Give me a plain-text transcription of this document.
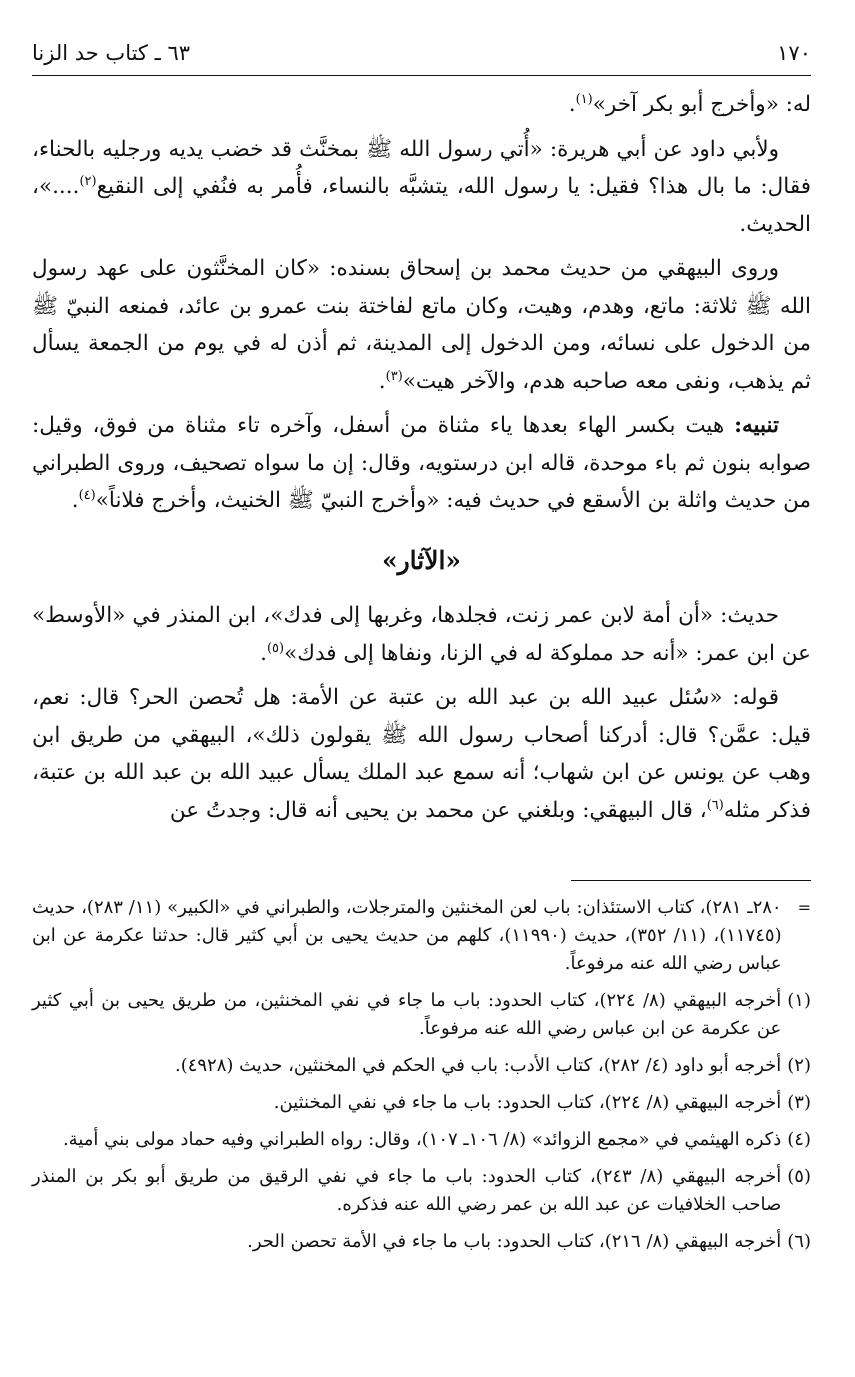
٦٣ ـ كتاب حد الزنا	١٧٠

له: «وأخرج أبو بكر آخر»$^{(١)}$.

ولأبي داود عن أبي هريرة: «أُتي رسول الله ﷺ بمخنَّث قد خضب يديه ورجليه بالحناء، فقال: ما بال هذا؟ فقيل: يا رسول الله، يتشبَّه بالنساء، فأُمر به فنُفي إلى النقيع$^{(٢)}$....»، الحديث.

وروى البيهقي من حديث محمد بن إسحاق بسنده: «كان المخنَّثون على عهد رسول الله ﷺ ثلاثة: ماتع، وهدم، وهيت، وكان ماتع لفاختة بنت عمرو بن عائد، فمنعه النبيّ ﷺ من الدخول على نسائه، ومن الدخول إلى المدينة، ثم أذن له في يوم من الجمعة يسأل ثم يذهب، ونفى معه صاحبه هدم، والآخر هيت»$^{(٣)}$.

تنبيه: هيت بكسر الهاء بعدها ياء مثناة من أسفل، وآخره تاء مثناة من فوق، وقيل: صوابه بنون ثم باء موحدة، قاله ابن درستويه، وقال: إن ما سواه تصحيف، وروى الطبراني من حديث واثلة بن الأسقع في حديث فيه: «وأخرج النبيّ ﷺ الخنيث، وأخرج فلاناً»$^{(٤)}$.

«الآثار»

حديث: «أن أمة لابن عمر زنت، فجلدها، وغربها إلى فدك»، ابن المنذر في «الأوسط» عن ابن عمر: «أنه حد مملوكة له في الزنا، ونفاها إلى فدك»$^{(٥)}$.

قوله: «سُئل عبيد الله بن عبد الله بن عتبة عن الأمة: هل تُحصن الحر؟ قال: نعم، قيل: عمَّن؟ قال: أدركنا أصحاب رسول الله ﷺ يقولون ذلك»، البيهقي من طريق ابن وهب عن يونس عن ابن شهاب؛ أنه سمع عبد الملك يسأل عبيد الله بن عبد الله بن عتبة، فذكر مثله$^{(٦)}$، قال البيهقي: وبلغني عن محمد بن يحيى أنه قال: وجدتُ عن

=
٢٨٠ـ ٢٨١)، كتاب الاستئذان: باب لعن المخنثين والمترجلات، والطبراني في «الكبير» (١١/ ٢٨٣)، حديث (١١٧٤٥)، (١١/ ٣٥٢)، حديث (١١٩٩٠)، كلهم من حديث يحيى بن أبي كثير قال: حدثنا عكرمة عن ابن عباس رضي الله عنه مرفوعاً.

(١)
أخرجه البيهقي (٨/ ٢٢٤)، كتاب الحدود: باب ما جاء في نفي المخنثين، من طريق يحيى بن أبي كثير عن عكرمة عن ابن عباس رضي الله عنه مرفوعاً.

(٢)
أخرجه أبو داود (٤/ ٢٨٢)، كتاب الأدب: باب في الحكم في المخنثين، حديث (٤٩٢٨).

(٣)
أخرجه البيهقي (٨/ ٢٢٤)، كتاب الحدود: باب ما جاء في نفي المخنثين.

(٤)
ذكره الهيثمي في «مجمع الزوائد» (٨/ ١٠٦ـ ١٠٧)، وقال: رواه الطبراني وفيه حماد مولى بني أمية.

(٥)
أخرجه البيهقي (٨/ ٢٤٣)، كتاب الحدود: باب ما جاء في نفي الرقيق من طريق أبو بكر بن المنذر صاحب الخلافيات عن عبد الله بن عمر رضي الله عنه فذكره.

(٦)
أخرجه البيهقي (٨/ ٢١٦)، كتاب الحدود: باب ما جاء في الأمة تحصن الحر.
